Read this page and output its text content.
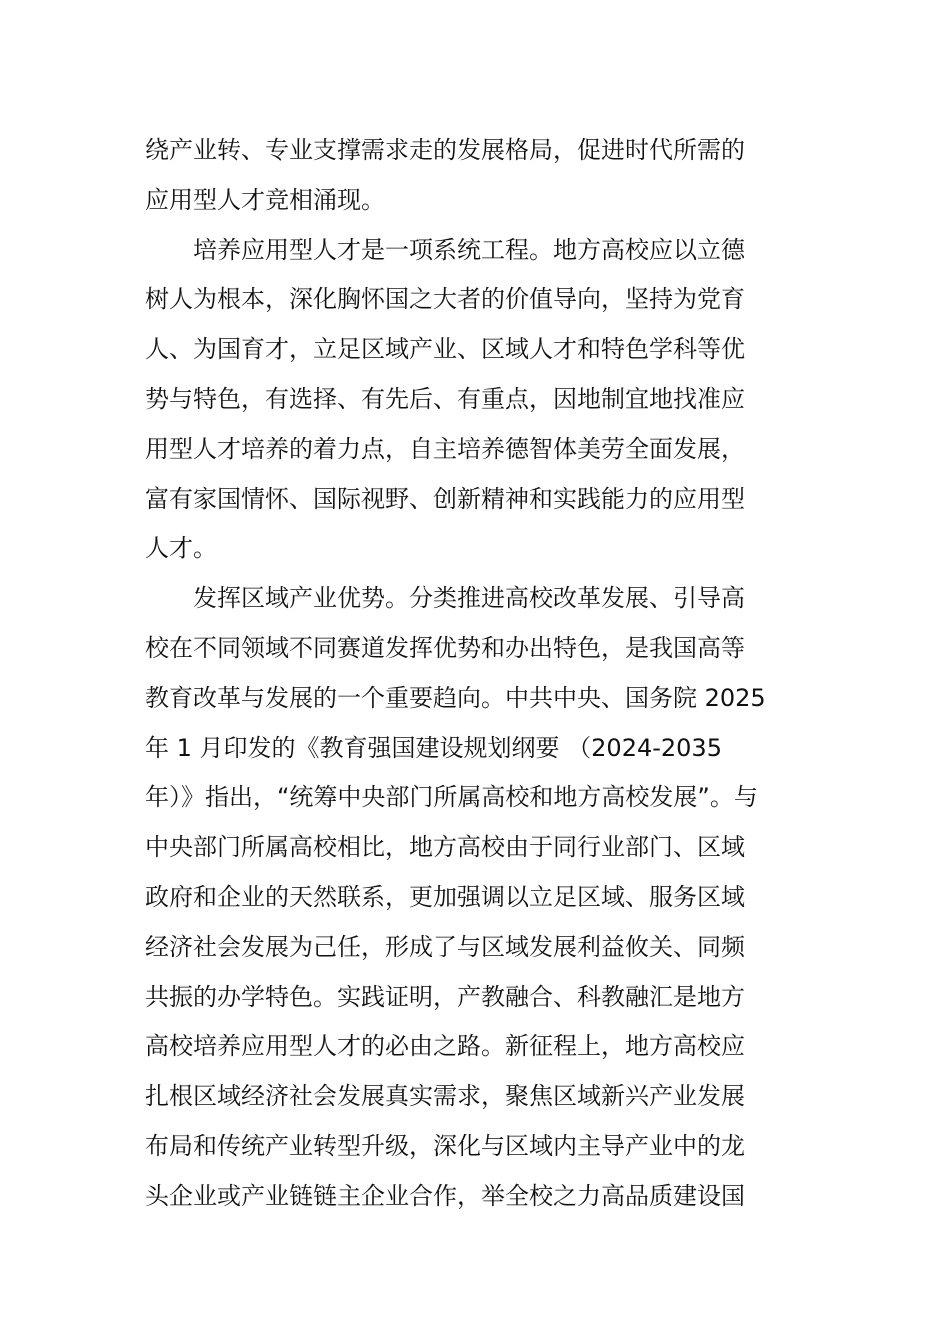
绕产业转、专业支撑需求走的发展格局，促进时代所需的
应用型人才竞相涌现。

培养应用型人才是一项系统工程。地方高校应以立德
树人为根本，深化胸怀国之大者的价值导向，坚持为党育
人、为国育才，立足区域产业、区域人才和特色学科等优
势与特色，有选择、有先后、有重点，因地制宜地找准应
用型人才培养的着力点，自主培养德智体美劳全面发展，
富有家国情怀、国际视野、创新精神和实践能力的应用型
人才。

发挥区域产业优势。分类推进高校改革发展、引导高
校在不同领域不同赛道发挥优势和办出特色，是我国高等
教育改革与发展的一个重要趋向。中共中央、国务院 2025
年 1 月印发的《教育强国建设规划纲要 （2024-2035
年）》指出，“统筹中央部门所属高校和地方高校发展”。与
中央部门所属高校相比，地方高校由于同行业部门、区域
政府和企业的天然联系，更加强调以立足区域、服务区域
经济社会发展为己任，形成了与区域发展利益攸关、同频
共振的办学特色。实践证明，产教融合、科教融汇是地方
高校培养应用型人才的必由之路。新征程上，地方高校应
扎根区域经济社会发展真实需求，聚焦区域新兴产业发展
布局和传统产业转型升级，深化与区域内主导产业中的龙
头企业或产业链链主企业合作，举全校之力高品质建设国
